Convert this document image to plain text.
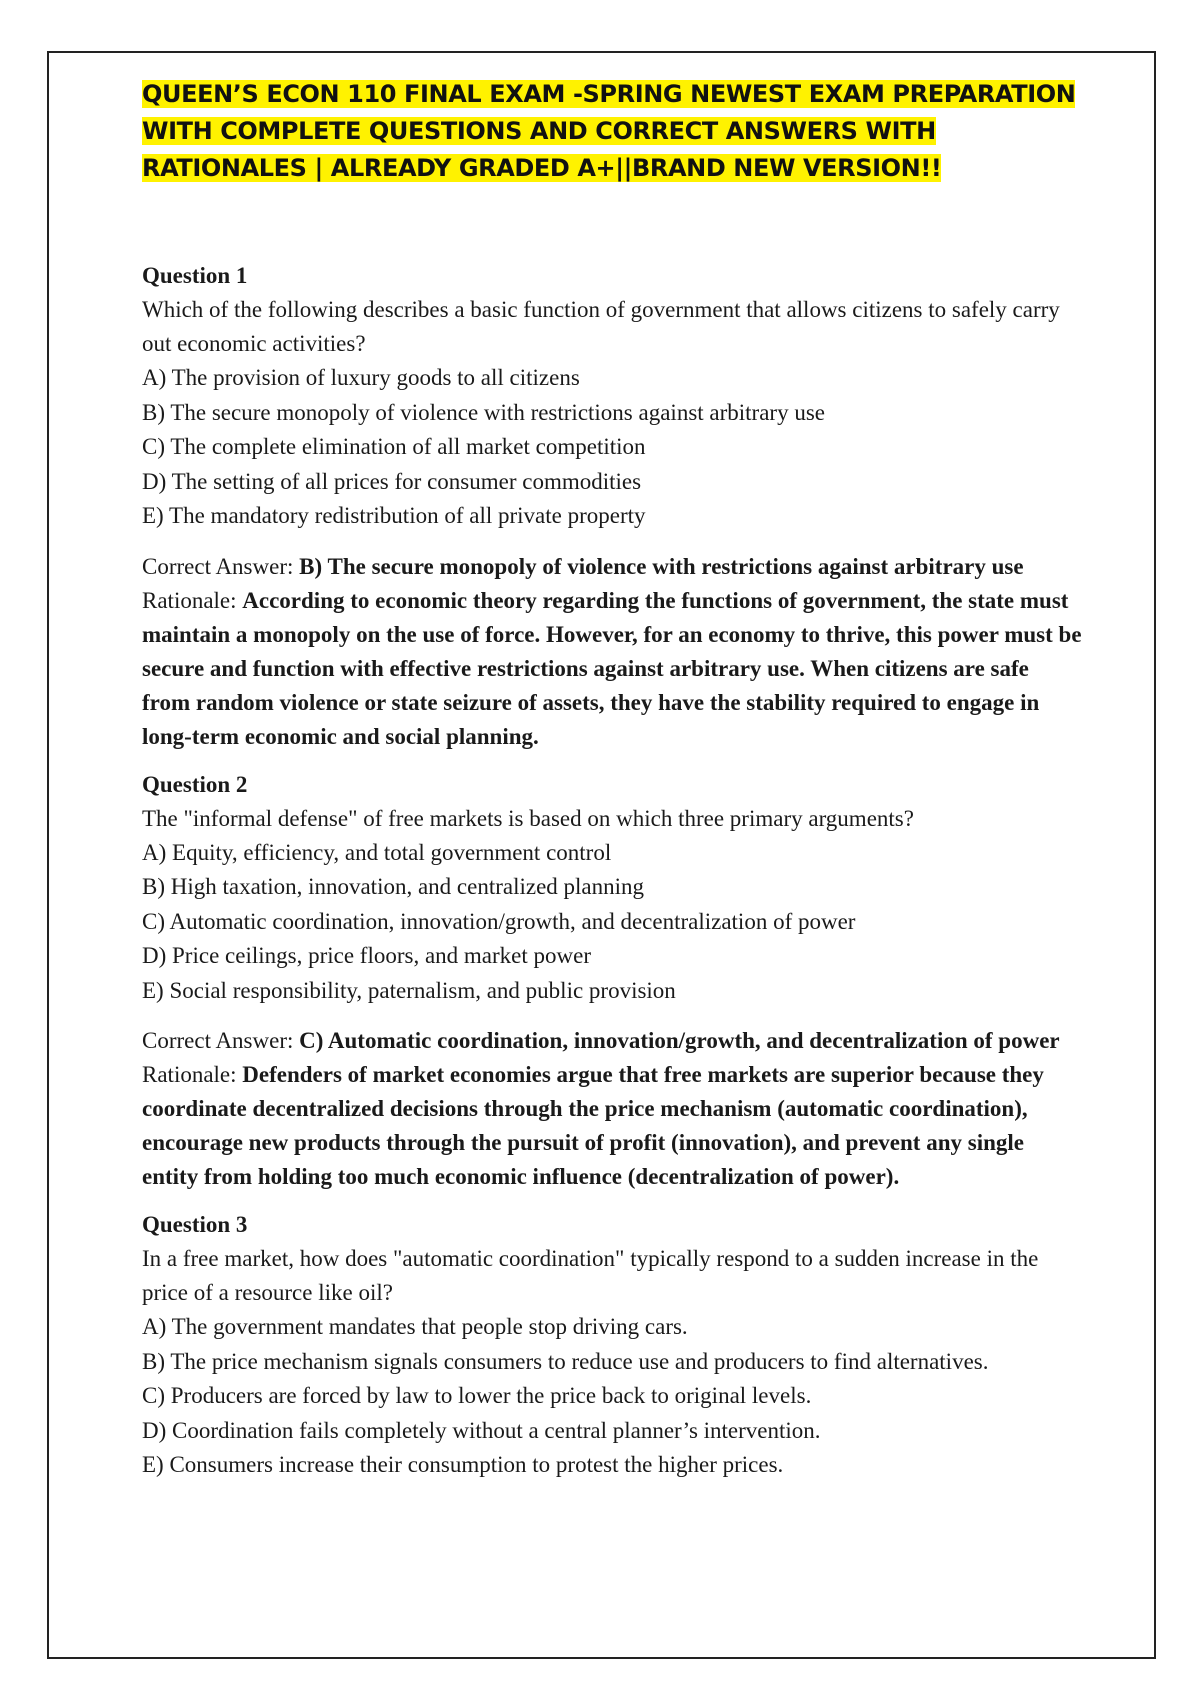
QUEEN’S ECON 110 FINAL EXAM -SPRING NEWEST EXAM PREPARATION WITH COMPLETE QUESTIONS AND CORRECT ANSWERS WITH RATIONALES | ALREADY GRADED A+||BRAND NEW VERSION!!

Question 1

Which of the following describes a basic function of government that allows citizens to safely carry out economic activities?

A) The provision of luxury goods to all citizens
B) The secure monopoly of violence with restrictions against arbitrary use
C) The complete elimination of all market competition
D) The setting of all prices for consumer commodities
E) The mandatory redistribution of all private property

Correct Answer: B) The secure monopoly of violence with restrictions against arbitrary use

Rationale: According to economic theory regarding the functions of government, the state must maintain a monopoly on the use of force. However, for an economy to thrive, this power must be secure and function with effective restrictions against arbitrary use. When citizens are safe from random violence or state seizure of assets, they have the stability required to engage in long-term economic and social planning.

Question 2

The "informal defense" of free markets is based on which three primary arguments?

A) Equity, efficiency, and total government control
B) High taxation, innovation, and centralized planning
C) Automatic coordination, innovation/growth, and decentralization of power
D) Price ceilings, price floors, and market power
E) Social responsibility, paternalism, and public provision

Correct Answer: C) Automatic coordination, innovation/growth, and decentralization of power

Rationale: Defenders of market economies argue that free markets are superior because they coordinate decentralized decisions through the price mechanism (automatic coordination), encourage new products through the pursuit of profit (innovation), and prevent any single entity from holding too much economic influence (decentralization of power).

Question 3

In a free market, how does "automatic coordination" typically respond to a sudden increase in the price of a resource like oil?

A) The government mandates that people stop driving cars.
B) The price mechanism signals consumers to reduce use and producers to find alternatives.
C) Producers are forced by law to lower the price back to original levels.
D) Coordination fails completely without a central planner’s intervention.
E) Consumers increase their consumption to protest the higher prices.
